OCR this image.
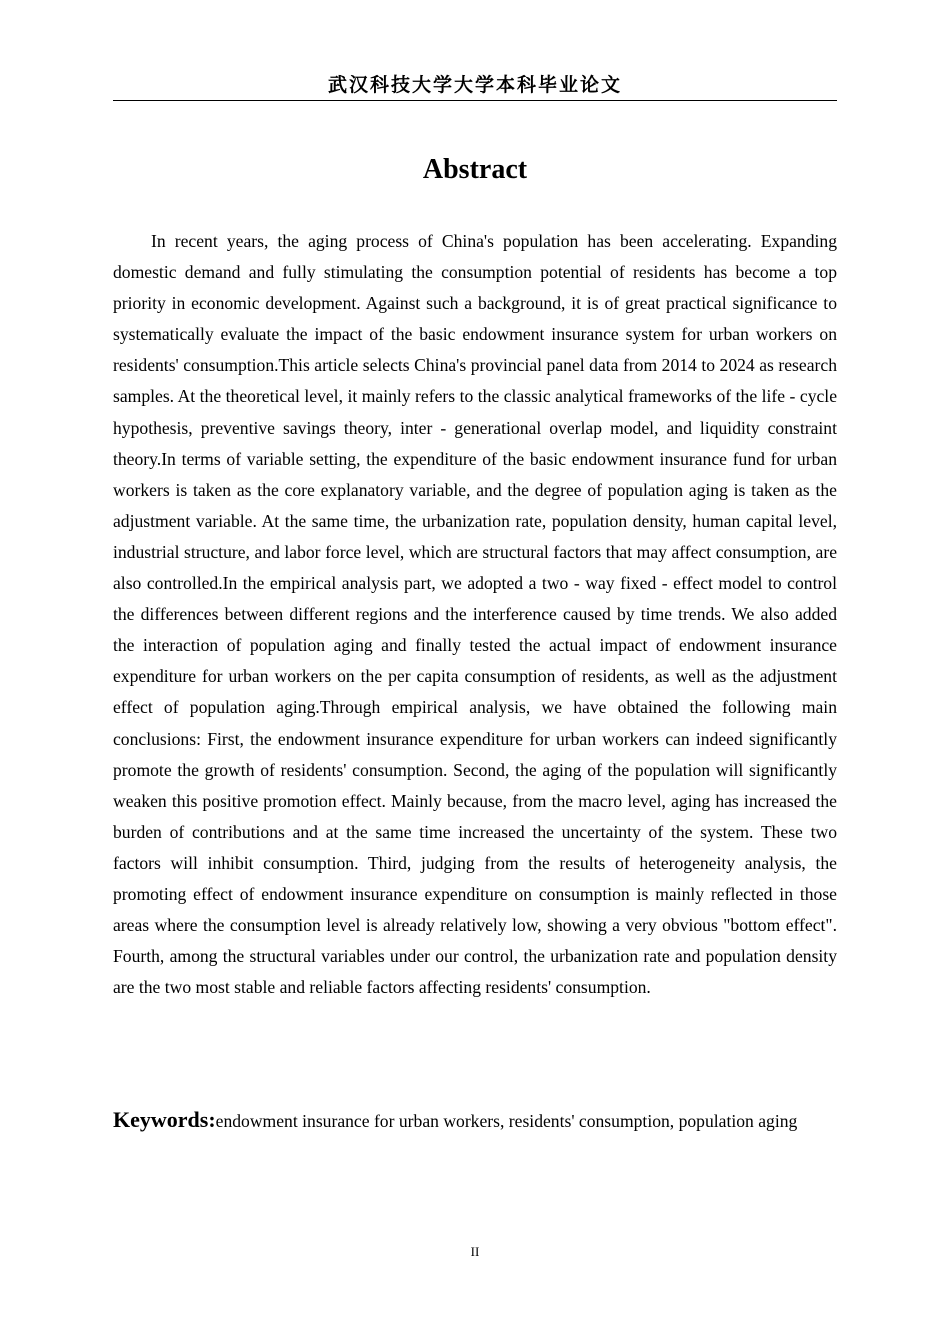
武汉科技大学大学本科毕业论文
Abstract

In recent years, the aging process of China's population has been accelerating. Expanding domestic demand and fully stimulating the consumption potential of residents has become a top priority in economic development. Against such a background, it is of great practical significance to systematically evaluate the impact of the basic endowment insurance system for urban workers on residents' consumption.This article selects China's provincial panel data from 2014 to 2024 as research samples. At the theoretical level, it mainly refers to the classic analytical frameworks of the life - cycle hypothesis, preventive savings theory, inter - generational overlap model, and liquidity constraint theory.In terms of variable setting, the expenditure of the basic endowment insurance fund for urban workers is taken as the core explanatory variable, and the degree of population aging is taken as the adjustment variable. At the same time, the urbanization rate, population density, human capital level, industrial structure, and labor force level, which are structural factors that may affect consumption, are also controlled.In the empirical analysis part, we adopted a two - way fixed - effect model to control the differences between different regions and the interference caused by time trends. We also added the interaction of population aging and finally tested the actual impact of endowment insurance expenditure for urban workers on the per capita consumption of residents, as well as the adjustment effect of population aging.Through empirical analysis, we have obtained the following main conclusions: First, the endowment insurance expenditure for urban workers can indeed significantly promote the growth of residents' consumption. Second, the aging of the population will significantly weaken this positive promotion effect. Mainly because, from the macro level, aging has increased the burden of contributions and at the same time increased the uncertainty of the system. These two factors will inhibit consumption. Third, judging from the results of heterogeneity analysis, the promoting effect of endowment insurance expenditure on consumption is mainly reflected in those areas where the consumption level is already relatively low, showing a very obvious "bottom effect". Fourth, among the structural variables under our control, the urbanization rate and population density are the two most stable and reliable factors affecting residents' consumption.

Keywords:endowment insurance for urban workers, residents' consumption, population aging

II
